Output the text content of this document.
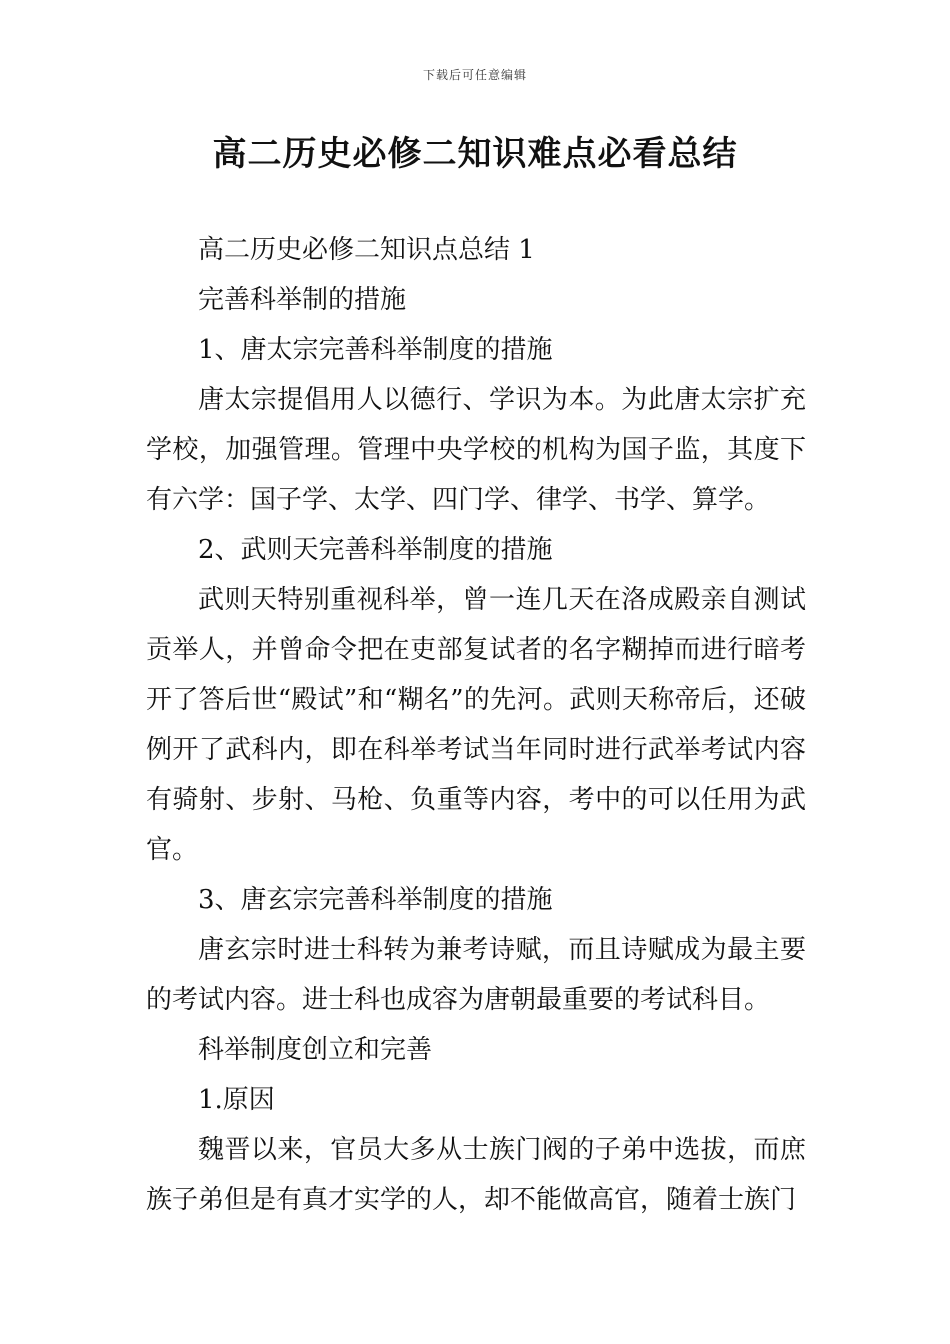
下载后可任意编辑
高二历史必修二知识难点必看总结

高二历史必修二知识点总结 1

完善科举制的措施

1、唐太宗完善科举制度的措施

唐太宗提倡用人以德行、学识为本。为此唐太宗扩充学校，加强管理。管理中央学校的机构为国子监，其度下有六学：国子学、太学、四门学、律学、书学、算学。

2、武则天完善科举制度的措施

武则天特别重视科举，曾一连几天在洛成殿亲自测试贡举人，并曾命令把在吏部复试者的名字糊掉而进行暗考开了答后世“殿试”和“糊名”的先河。武则天称帝后，还破例开了武科内，即在科举考试当年同时进行武举考试内容有骑射、步射、马枪、负重等内容，考中的可以任用为武官。

3、唐玄宗完善科举制度的措施

唐玄宗时进士科转为兼考诗赋，而且诗赋成为最主要的考试内容。进士科也成容为唐朝最重要的考试科目。

科举制度创立和完善

1.原因

魏晋以来，官员大多从士族门阀的子弟中选拔，而庶族子弟但是有真才实学的人，却不能做高官，随着士族门
